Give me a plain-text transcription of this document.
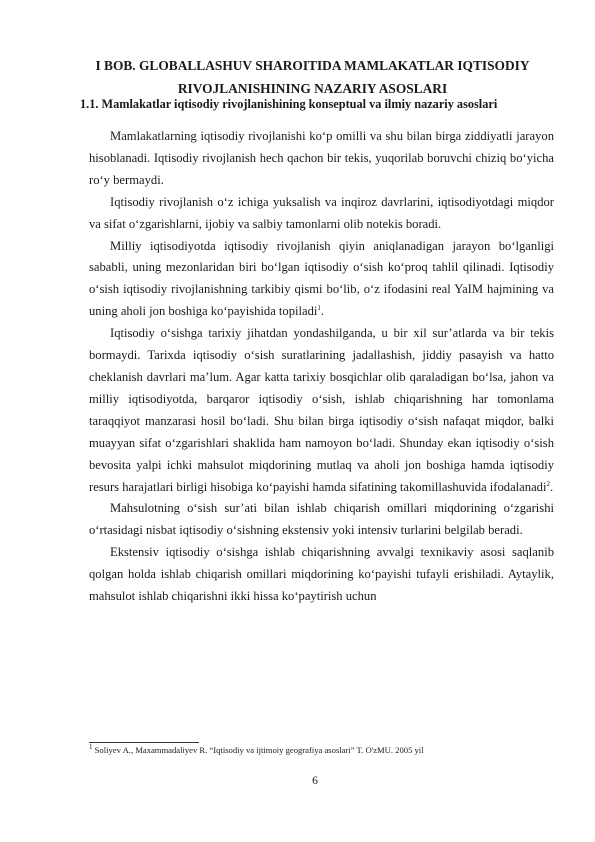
I BOB. GLOBALLASHUV SHAROITIDA MAMLAKATLAR IQTISODIY RIVOJLANISHINING NAZARIY ASOSLARI
1.1. Mamlakatlar iqtisodiy rivojlanishining konseptual va ilmiy nazariy asoslari

Mamlakatlarning iqtisodiy rivojlanishi ko‘p omilli va shu bilan birga ziddiyatli jarayon hisoblanadi. Iqtisodiy rivojlanish hech qachon bir tekis, yuqorilab boruvchi chiziq bo‘yicha ro‘y bermaydi.

Iqtisodiy rivojlanish o‘z ichiga yuksalish va inqiroz davrlarini, iqtisodiyotdagi miqdor va sifat o‘zgarishlarni, ijobiy va salbiy tamonlarni olib notekis boradi.

Milliy iqtisodiyotda iqtisodiy rivojlanish qiyin aniqlanadigan jarayon bo‘lganligi sababli, uning mezonlaridan biri bo‘lgan iqtisodiy o‘sish ko‘proq tahlil qilinadi. Iqtisodiy o‘sish iqtisodiy rivojlanishning tarkibiy qismi bo‘lib, o‘z ifodasini real YaIM hajmining va uning aholi jon boshiga ko‘payishida topiladi$^1$.

Iqtisodiy o‘sishga tarixiy jihatdan yondashilganda, u bir xil sur’atlarda va bir tekis bormaydi. Tarixda iqtisodiy o‘sish suratlarining jadallashish, jiddiy pasayish va hatto cheklanish davrlari ma’lum. Agar katta tarixiy bosqichlar olib qaraladigan bo‘lsa, jahon va milliy iqtisodiyotda, barqaror iqtisodiy o‘sish, ishlab chiqarishning har tomonlama taraqqiyot manzarasi hosil bo‘ladi. Shu bilan birga iqtisodiy o‘sish nafaqat miqdor, balki muayyan sifat o‘zgarishlari shaklida ham namoyon bo‘ladi. Shunday ekan iqtisodiy o‘sish bevosita yalpi ichki mahsulot miqdorining mutlaq va aholi jon boshiga hamda iqtisodiy resurs harajatlari birligi hisobiga ko‘payishi hamda sifatining takomillashuvida ifodalanadi$^2$.

Mahsulotning o‘sish sur’ati bilan ishlab chiqarish omillari miqdorining o‘zgarishi o‘rtasidagi nisbat iqtisodiy o‘sishning ekstensiv yoki intensiv turlarini belgilab beradi.

Ekstensiv iqtisodiy o‘sishga ishlab chiqarishning avvalgi texnikaviy asosi saqlanib qolgan holda ishlab chiqarish omillari miqdorining ko‘payishi tufayli erishiladi. Aytaylik, mahsulot ishlab chiqarishni ikki hissa ko‘paytirish uchun

$^1$ Soliyev A., Maxammadaliyev R. “Iqtisodiy va ijtimoiy geografiya asoslari” T. O'zMU. 2005 yil
6
